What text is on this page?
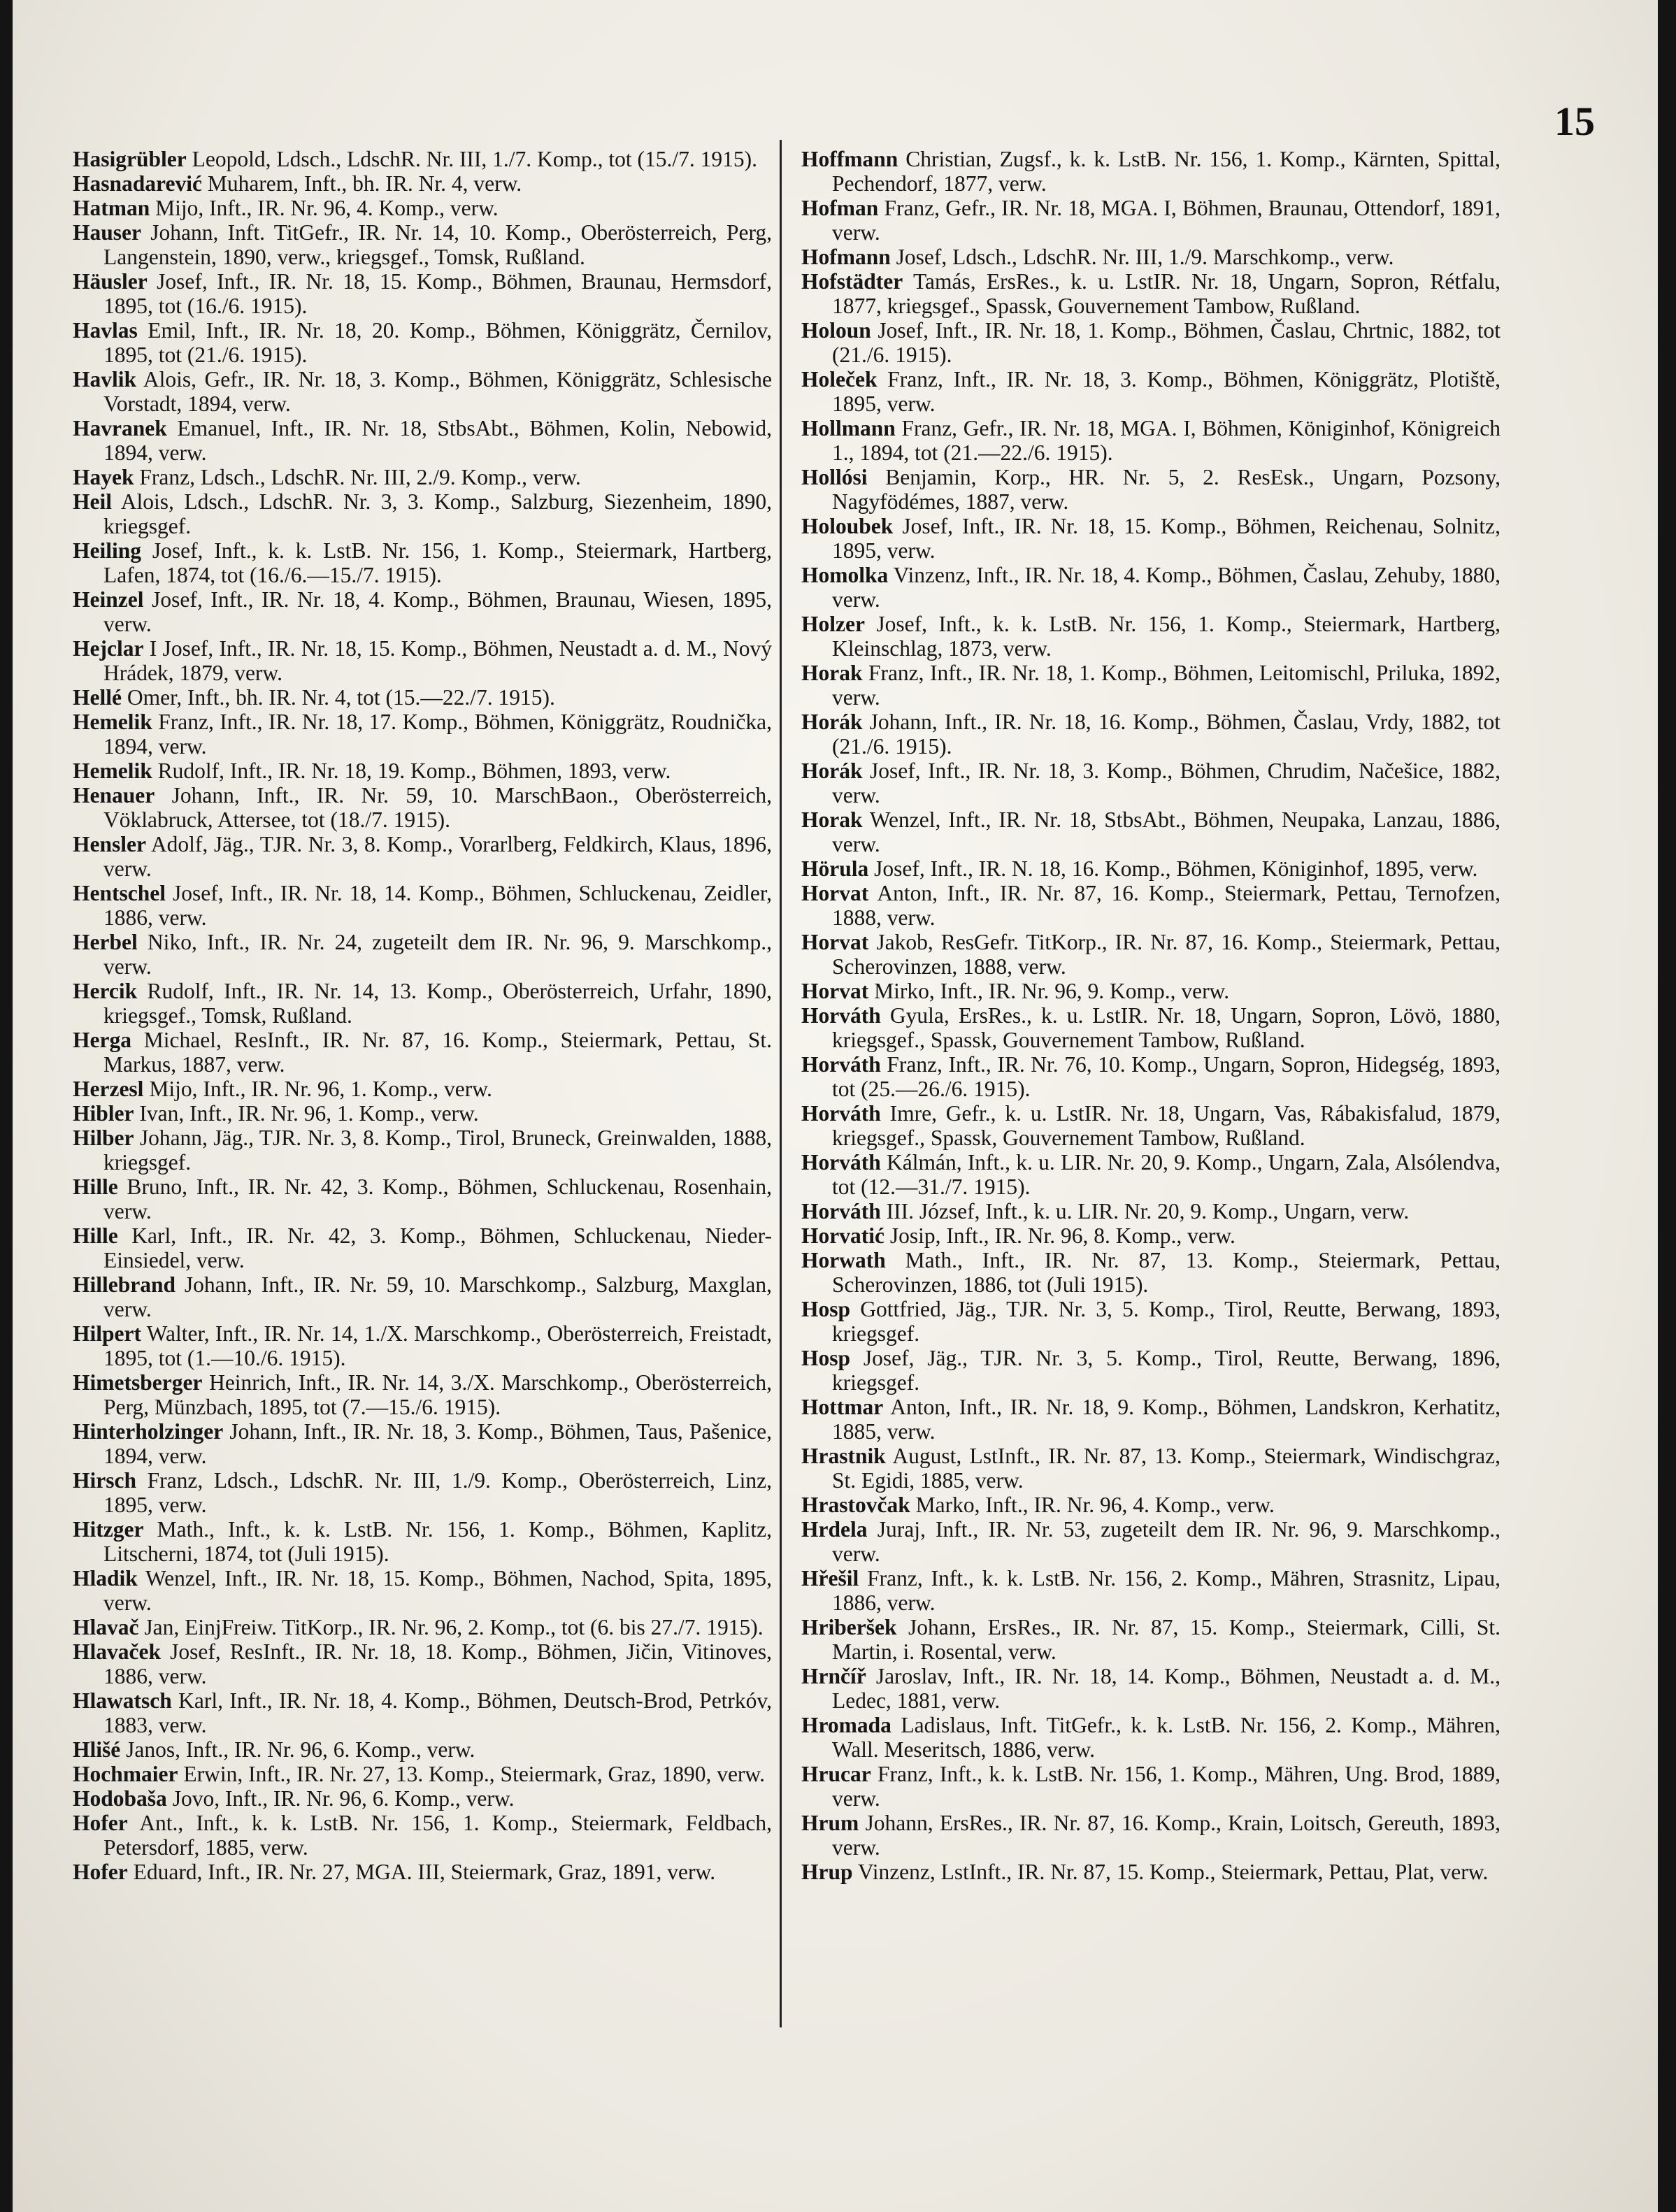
15
Hasigrübler Leopold, Ldsch., LdschR. Nr. III, 1./7. Komp., tot (15./7. 1915).
Hasnadarević Muharem, Inft., bh. IR. Nr. 4, verw.
Hatman Mijo, Inft., IR. Nr. 96, 4. Komp., verw.
Hauser Johann, Inft. TitGefr., IR. Nr. 14, 10. Komp., Oberösterreich, Perg, Langenstein, 1890, verw., kriegsgef., Tomsk, Rußland.
Häusler Josef, Inft., IR. Nr. 18, 15. Komp., Böhmen, Braunau, Hermsdorf, 1895, tot (16./6. 1915).
Havlas Emil, Inft., IR. Nr. 18, 20. Komp., Böhmen, Königgrätz, Černilov, 1895, tot (21./6. 1915).
Havlik Alois, Gefr., IR. Nr. 18, 3. Komp., Böhmen, Königgrätz, Schlesische Vorstadt, 1894, verw.
Havranek Emanuel, Inft., IR. Nr. 18, StbsAbt., Böhmen, Kolin, Nebowid, 1894, verw.
Hayek Franz, Ldsch., LdschR. Nr. III, 2./9. Komp., verw.
Heil Alois, Ldsch., LdschR. Nr. 3, 3. Komp., Salzburg, Siezenheim, 1890, kriegsgef.
Heiling Josef, Inft., k. k. LstB. Nr. 156, 1. Komp., Steiermark, Hartberg, Lafen, 1874, tot (16./6.—15./7. 1915).
Heinzel Josef, Inft., IR. Nr. 18, 4. Komp., Böhmen, Braunau, Wiesen, 1895, verw.
Hejclar I Josef, Inft., IR. Nr. 18, 15. Komp., Böhmen, Neustadt a. d. M., Nový Hrádek, 1879, verw.
Hellé Omer, Inft., bh. IR. Nr. 4, tot (15.—22./7. 1915).
Hemelik Franz, Inft., IR. Nr. 18, 17. Komp., Böhmen, Königgrätz, Roudnička, 1894, verw.
Hemelik Rudolf, Inft., IR. Nr. 18, 19. Komp., Böhmen, 1893, verw.
Henauer Johann, Inft., IR. Nr. 59, 10. MarschBaon., Oberösterreich, Vöklabruck, Attersee, tot (18./7. 1915).
Hensler Adolf, Jäg., TJR. Nr. 3, 8. Komp., Vorarlberg, Feldkirch, Klaus, 1896, verw.
Hentschel Josef, Inft., IR. Nr. 18, 14. Komp., Böhmen, Schluckenau, Zeidler, 1886, verw.
Herbel Niko, Inft., IR. Nr. 24, zugeteilt dem IR. Nr. 96, 9. Marschkomp., verw.
Hercik Rudolf, Inft., IR. Nr. 14, 13. Komp., Oberösterreich, Urfahr, 1890, kriegsgef., Tomsk, Rußland.
Herga Michael, ResInft., IR. Nr. 87, 16. Komp., Steiermark, Pettau, St. Markus, 1887, verw.
Herzesl Mijo, Inft., IR. Nr. 96, 1. Komp., verw.
Hibler Ivan, Inft., IR. Nr. 96, 1. Komp., verw.
Hilber Johann, Jäg., TJR. Nr. 3, 8. Komp., Tirol, Bruneck, Greinwalden, 1888, kriegsgef.
Hille Bruno, Inft., IR. Nr. 42, 3. Komp., Böhmen, Schluckenau, Rosenhain, verw.
Hille Karl, Inft., IR. Nr. 42, 3. Komp., Böhmen, Schluckenau, Nieder-Einsiedel, verw.
Hillebrand Johann, Inft., IR. Nr. 59, 10. Marschkomp., Salzburg, Maxglan, verw.
Hilpert Walter, Inft., IR. Nr. 14, 1./X. Marschkomp., Oberösterreich, Freistadt, 1895, tot (1.—10./6. 1915).
Himetsberger Heinrich, Inft., IR. Nr. 14, 3./X. Marschkomp., Oberösterreich, Perg, Münzbach, 1895, tot (7.—15./6. 1915).
Hinterholzinger Johann, Inft., IR. Nr. 18, 3. Komp., Böhmen, Taus, Pašenice, 1894, verw.
Hirsch Franz, Ldsch., LdschR. Nr. III, 1./9. Komp., Oberösterreich, Linz, 1895, verw.
Hitzger Math., Inft., k. k. LstB. Nr. 156, 1. Komp., Böhmen, Kaplitz, Litscherni, 1874, tot (Juli 1915).
Hladik Wenzel, Inft., IR. Nr. 18, 15. Komp., Böhmen, Nachod, Spita, 1895, verw.
Hlavač Jan, EinjFreiw. TitKorp., IR. Nr. 96, 2. Komp., tot (6. bis 27./7. 1915).
Hlavaček Josef, ResInft., IR. Nr. 18, 18. Komp., Böhmen, Jičin, Vitinoves, 1886, verw.
Hlawatsch Karl, Inft., IR. Nr. 18, 4. Komp., Böhmen, Deutsch-Brod, Petrkóv, 1883, verw.
Hlišé Janos, Inft., IR. Nr. 96, 6. Komp., verw.
Hochmaier Erwin, Inft., IR. Nr. 27, 13. Komp., Steiermark, Graz, 1890, verw.
Hodobaša Jovo, Inft., IR. Nr. 96, 6. Komp., verw.
Hofer Ant., Inft., k. k. LstB. Nr. 156, 1. Komp., Steiermark, Feldbach, Petersdorf, 1885, verw.
Hofer Eduard, Inft., IR. Nr. 27, MGA. III, Steiermark, Graz, 1891, verw.
Hoffmann Christian, Zugsf., k. k. LstB. Nr. 156, 1. Komp., Kärnten, Spittal, Pechendorf, 1877, verw.
Hofman Franz, Gefr., IR. Nr. 18, MGA. I, Böhmen, Braunau, Ottendorf, 1891, verw.
Hofmann Josef, Ldsch., LdschR. Nr. III, 1./9. Marschkomp., verw.
Hofstädter Tamás, ErsRes., k. u. LstIR. Nr. 18, Ungarn, Sopron, Rétfalu, 1877, kriegsgef., Spassk, Gouvernement Tambow, Rußland.
Holoun Josef, Inft., IR. Nr. 18, 1. Komp., Böhmen, Časlau, Chrtnic, 1882, tot (21./6. 1915).
Holeček Franz, Inft., IR. Nr. 18, 3. Komp., Böhmen, Königgrätz, Plotiště, 1895, verw.
Hollmann Franz, Gefr., IR. Nr. 18, MGA. I, Böhmen, Königinhof, Königreich 1., 1894, tot (21.—22./6. 1915).
Hollósi Benjamin, Korp., HR. Nr. 5, 2. ResEsk., Ungarn, Pozsony, Nagyfödémes, 1887, verw.
Holoubek Josef, Inft., IR. Nr. 18, 15. Komp., Böhmen, Reichenau, Solnitz, 1895, verw.
Homolka Vinzenz, Inft., IR. Nr. 18, 4. Komp., Böhmen, Časlau, Zehuby, 1880, verw.
Holzer Josef, Inft., k. k. LstB. Nr. 156, 1. Komp., Steiermark, Hartberg, Kleinschlag, 1873, verw.
Horak Franz, Inft., IR. Nr. 18, 1. Komp., Böhmen, Leitomischl, Priluka, 1892, verw.
Horák Johann, Inft., IR. Nr. 18, 16. Komp., Böhmen, Časlau, Vrdy, 1882, tot (21./6. 1915).
Horák Josef, Inft., IR. Nr. 18, 3. Komp., Böhmen, Chrudim, Načešice, 1882, verw.
Horak Wenzel, Inft., IR. Nr. 18, StbsAbt., Böhmen, Neupaka, Lanzau, 1886, verw.
Hörula Josef, Inft., IR. N. 18, 16. Komp., Böhmen, Königinhof, 1895, verw.
Horvat Anton, Inft., IR. Nr. 87, 16. Komp., Steiermark, Pettau, Ternofzen, 1888, verw.
Horvat Jakob, ResGefr. TitKorp., IR. Nr. 87, 16. Komp., Steiermark, Pettau, Scherovinzen, 1888, verw.
Horvat Mirko, Inft., IR. Nr. 96, 9. Komp., verw.
Horváth Gyula, ErsRes., k. u. LstIR. Nr. 18, Ungarn, Sopron, Lövö, 1880, kriegsgef., Spassk, Gouvernement Tambow, Rußland.
Horváth Franz, Inft., IR. Nr. 76, 10. Komp., Ungarn, Sopron, Hidegség, 1893, tot (25.—26./6. 1915).
Horváth Imre, Gefr., k. u. LstIR. Nr. 18, Ungarn, Vas, Rábakisfalud, 1879, kriegsgef., Spassk, Gouvernement Tambow, Rußland.
Horváth Kálmán, Inft., k. u. LIR. Nr. 20, 9. Komp., Ungarn, Zala, Alsólendva, tot (12.—31./7. 1915).
Horváth III. József, Inft., k. u. LIR. Nr. 20, 9. Komp., Ungarn, verw.
Horvatić Josip, Inft., IR. Nr. 96, 8. Komp., verw.
Horwath Math., Inft., IR. Nr. 87, 13. Komp., Steiermark, Pettau, Scherovinzen, 1886, tot (Juli 1915).
Hosp Gottfried, Jäg., TJR. Nr. 3, 5. Komp., Tirol, Reutte, Berwang, 1893, kriegsgef.
Hosp Josef, Jäg., TJR. Nr. 3, 5. Komp., Tirol, Reutte, Berwang, 1896, kriegsgef.
Hottmar Anton, Inft., IR. Nr. 18, 9. Komp., Böhmen, Landskron, Kerhatitz, 1885, verw.
Hrastnik August, LstInft., IR. Nr. 87, 13. Komp., Steiermark, Windischgraz, St. Egidi, 1885, verw.
Hrastovčak Marko, Inft., IR. Nr. 96, 4. Komp., verw.
Hrdela Juraj, Inft., IR. Nr. 53, zugeteilt dem IR. Nr. 96, 9. Marschkomp., verw.
Hřešil Franz, Inft., k. k. LstB. Nr. 156, 2. Komp., Mähren, Strasnitz, Lipau, 1886, verw.
Hriberšek Johann, ErsRes., IR. Nr. 87, 15. Komp., Steiermark, Cilli, St. Martin, i. Rosental, verw.
Hrnčíř Jaroslav, Inft., IR. Nr. 18, 14. Komp., Böhmen, Neustadt a. d. M., Ledec, 1881, verw.
Hromada Ladislaus, Inft. TitGefr., k. k. LstB. Nr. 156, 2. Komp., Mähren, Wall. Meseritsch, 1886, verw.
Hrucar Franz, Inft., k. k. LstB. Nr. 156, 1. Komp., Mähren, Ung. Brod, 1889, verw.
Hrum Johann, ErsRes., IR. Nr. 87, 16. Komp., Krain, Loitsch, Gereuth, 1893, verw.
Hrup Vinzenz, LstInft., IR. Nr. 87, 15. Komp., Steiermark, Pettau, Plat, verw.
